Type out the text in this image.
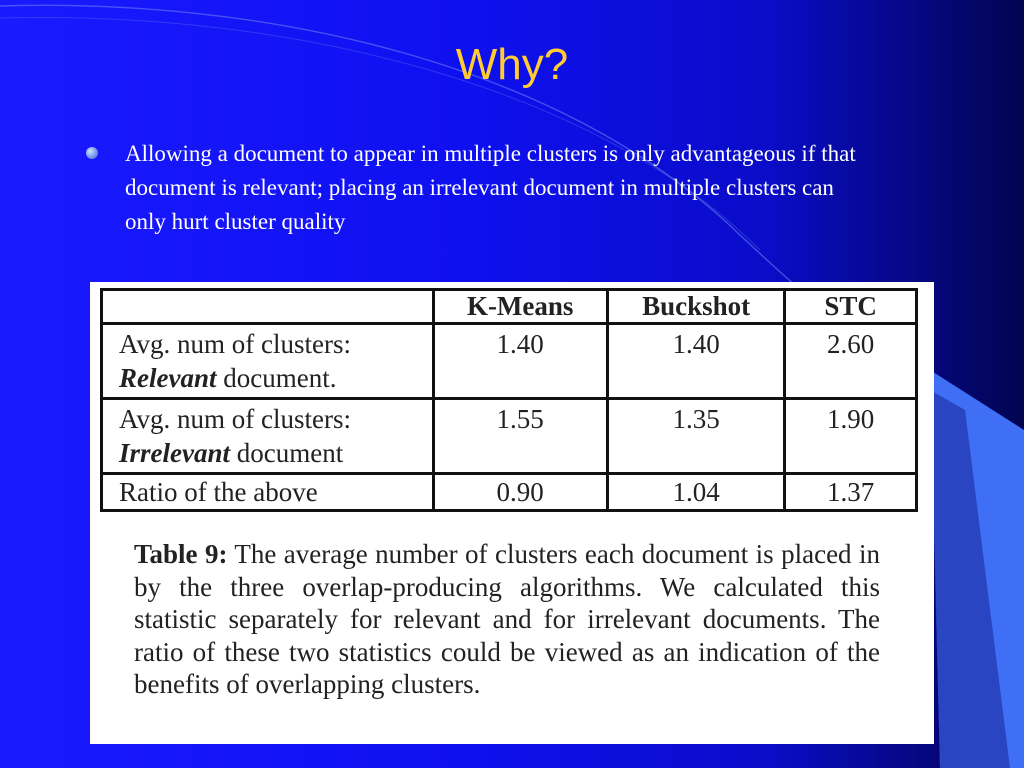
Why?
Allowing a document to appear in multiple clusters is only advantageous if that document is relevant; placing an irrelevant document in multiple clusters can only hurt cluster quality
	K-Means	Buckshot	STC
Avg. num of clusters:
Relevant document.	1.40	1.40	2.60
Avg. num of clusters:
Irrelevant document	1.55	1.35	1.90
Ratio of the above	0.90	1.04	1.37
Table 9: The average number of clusters each document is placed in by the three overlap-producing algorithms. We calculated this statistic separately for relevant and for irrelevant documents. The ratio of these two statistics could be viewed as an indication of the benefits of overlapping clusters.
